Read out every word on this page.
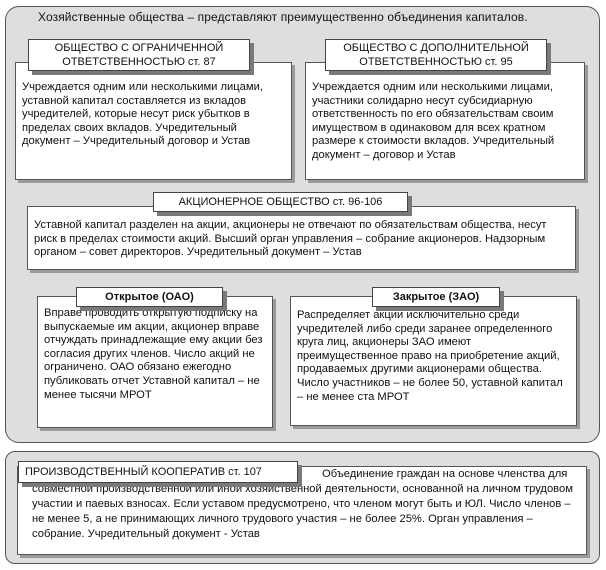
Хозяйственные общества – представляют преимущественно объединения капиталов.
Учреждается одним или несколькими лицами, уставной капитал составляется из вкладов учредителей, которые несут риск убытков в пределах своих вкладов. Учредительный документ – Учредительный договор и Устав
ОБЩЕСТВО С ОГРАНИЧЕННОЙ ОТВЕТСТВЕННОСТЬЮ ст. 87
Учреждается одним или несколькими лицами, участники солидарно несут субсидиарную ответственность по его обязательствам своим имуществом в одинаковом для всех кратном размере к стоимости вкладов. Учредительный документ – договор и Устав
ОБЩЕСТВО С ДОПОЛНИТЕЛЬНОЙ ОТВЕТСТВЕННОСТЬЮ ст. 95
Уставной капитал разделен на акции, акционеры не отвечают по обязательствам общества, несут риск в пределах стоимости акций. Высший орган управления – собрание акционеров. Надзорным органом – совет директоров. Учредительный документ – Устав
АКЦИОНЕРНОЕ ОБЩЕСТВО ст. 96-106
Вправе проводить открытую подписку на выпускаемые им акции, акционер вправе отчуждать принадлежащие ему акции без согласия других членов. Число акций не ограничено. ОАО обязано ежегодно публиковать отчет Уставной капитал – не менее тысячи МРОТ
Открытое (ОАО)
Распределяет акции исключительно среди учредителей либо среди заранее определенного круга лиц, акционеры ЗАО имеют преимущественное право на приобретение акций, продаваемых другими акционерами общества. Число участников – не более 50, уставной капитал – не менее ста МРОТ
Закрытое (ЗАО)
Объединение граждан на основе членства для совместной производственной или иной хозяйственной деятельности, основанной на личном трудовом участии и паевых взносах. Если уставом предусмотрено, что членом могут быть и ЮЛ. Число членов – не менее 5, а не принимающих личного трудового участия – не более 25%. Орган управления – собрание. Учредительный документ - Устав
ПРОИЗВОДСТВЕННЫЙ КООПЕРАТИВ ст. 107
